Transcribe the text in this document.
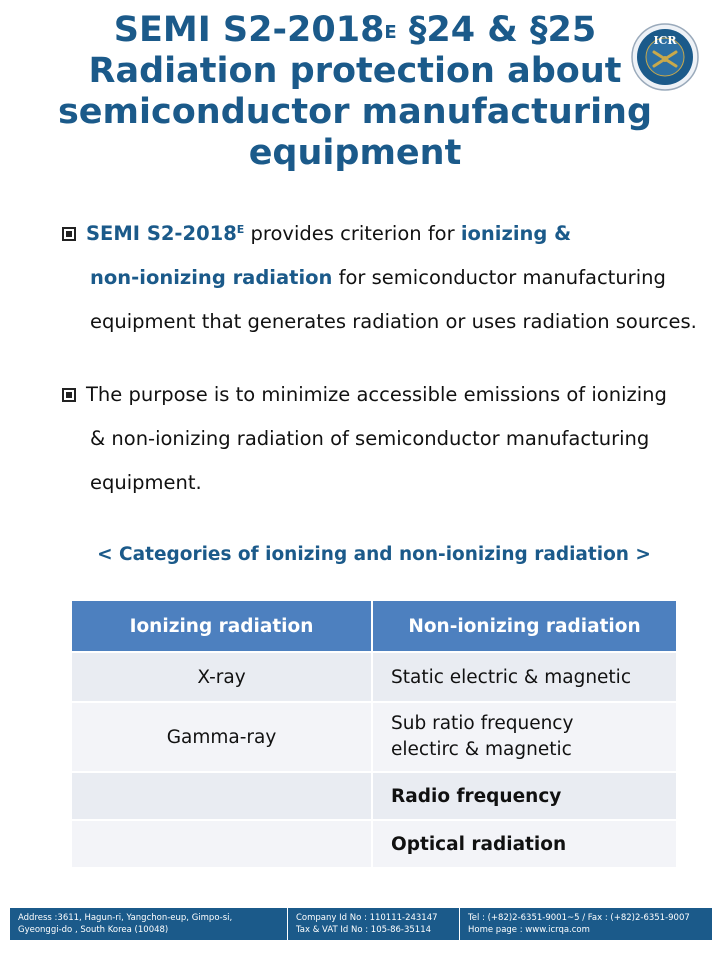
SEMI $S2-2018^E$ §24 & §25
Radiation protection about
semiconductor manufacturing
equipment
ICR
SEMI $S2-2018^E$ provides criterion for ionizing &
non-ionizing radiation for semiconductor manufacturing
equipment that generates radiation or uses radiation sources.
The purpose is to minimize accessible emissions of ionizing
& non-ionizing radiation of semiconductor manufacturing
equipment.
< Categories of ionizing and non-ionizing radiation >
Ionizing radiation	Non-ionizing radiation
X-ray	Static electric & magnetic
Gamma-ray
Sub ratio frequency
electirc & magnetic
Radio frequency
Optical radiation
Address :3611, Hagun-ri, Yangchon-eup, Gimpo-si,
Gyeonggi-do , South Korea (10048)
Company Id No : 110111-243147
Tax & VAT Id No : 105-86-35114
Tel : (+82)2-6351-9001~5 / Fax : (+82)2-6351-9007
Home page : www.icrqa.com
